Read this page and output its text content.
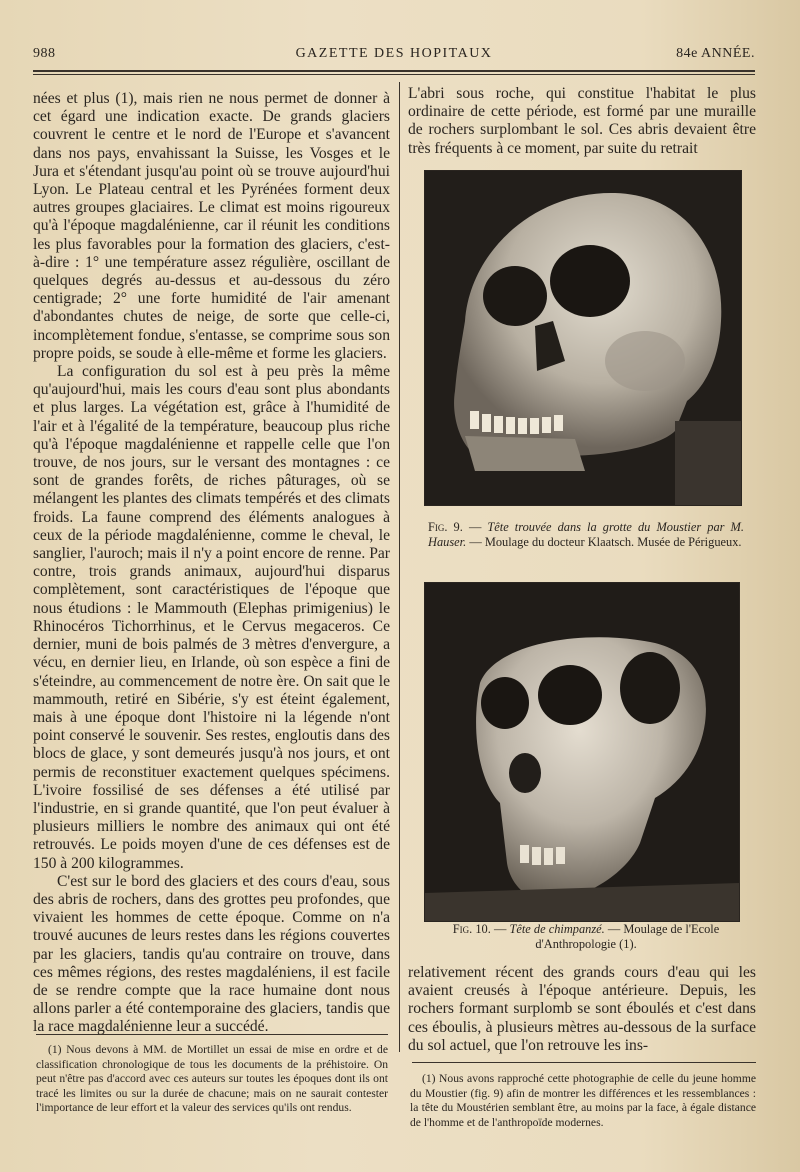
988	GAZETTE DES HOPITAUX	84e ANNÉE.

nées et plus (1), mais rien ne nous permet de donner à cet égard une indication exacte. De grands glaciers couvrent le centre et le nord de l'Europe et s'avancent dans nos pays, envahissant la Suisse, les Vosges et le Jura et s'étendant jusqu'au point où se trouve aujourd'hui Lyon. Le Plateau central et les Pyrénées forment deux autres groupes glaciaires. Le climat est moins rigoureux qu'à l'époque magdalénienne, car il réunit les conditions les plus favorables pour la formation des glaciers, c'est-à-dire : 1° une température assez régulière, oscillant de quelques degrés au-dessus et au-dessous du zéro centigrade; 2° une forte humidité de l'air amenant d'abondantes chutes de neige, de sorte que celle-ci, incomplètement fondue, s'entasse, se comprime sous son propre poids, se soude à elle-même et forme les glaciers.

La configuration du sol est à peu près la même qu'aujourd'hui, mais les cours d'eau sont plus abondants et plus larges. La végétation est, grâce à l'humidité de l'air et à l'égalité de la température, beaucoup plus riche qu'à l'époque magdalénienne et rappelle celle que l'on trouve, de nos jours, sur le versant des montagnes : ce sont de grandes forêts, de riches pâturages, où se mélangent les plantes des climats tempérés et des climats froids. La faune comprend des éléments analogues à ceux de la période magdalénienne, comme le cheval, le sanglier, l'auroch; mais il n'y a point encore de renne. Par contre, trois grands animaux, aujourd'hui disparus complètement, sont caractéristiques de l'époque que nous étudions : le Mammouth (Elephas primigenius) le Rhinocéros Tichorrhinus, et le Cervus megaceros. Ce dernier, muni de bois palmés de 3 mètres d'envergure, a vécu, en dernier lieu, en Irlande, où son espèce a fini de s'éteindre, au commencement de notre ère. On sait que le mammouth, retiré en Sibérie, s'y est éteint également, mais à une époque dont l'histoire ni la légende n'ont point conservé le souvenir. Ses restes, engloutis dans des blocs de glace, y sont demeurés jusqu'à nos jours, et ont permis de reconstituer exactement quelques spécimens. L'ivoire fossilisé de ses défenses a été utilisé par l'industrie, en si grande quantité, que l'on peut évaluer à plusieurs milliers le nombre des animaux qui ont été retrouvés. Le poids moyen d'une de ces défenses est de 150 à 200 kilogrammes.

C'est sur le bord des glaciers et des cours d'eau, sous des abris de rochers, dans des grottes peu profondes, que vivaient les hommes de cette époque. Comme on n'a trouvé aucunes de leurs restes dans les régions couvertes par les glaciers, tandis qu'au contraire on trouve, dans ces mêmes régions, des restes magdaléniens, il est facile de se rendre compte que la race humaine dont nous allons parler a été contemporaine des glaciers, tandis que la race magdalénienne leur a succédé.

(1) Nous devons à MM. de Mortillet un essai de mise en ordre et de classification chronologique de tous les documents de la préhistoire. On peut n'être pas d'accord avec ces auteurs sur toutes les époques dont ils ont tracé les limites ou sur la durée de chacune; mais on ne saurait contester l'importance de leur effort et la valeur des services qu'ils ont rendus.

L'abri sous roche, qui constitue l'habitat le plus ordinaire de cette période, est formé par une muraille de rochers surplombant le sol. Ces abris devaient être très fréquents à ce moment, par suite du retrait

Fig. 9. — Tête trouvée dans la grotte du Moustier par M. Hauser. — Moulage du docteur Klaatsch. Musée de Périgueux.
Fig. 10. — Tête de chimpanzé. — Moulage de l'Ecole d'Anthropologie (1).

relativement récent des grands cours d'eau qui les avaient creusés à l'époque antérieure. Depuis, les rochers formant surplomb se sont éboulés et c'est dans ces éboulis, à plusieurs mètres au-dessous de la surface du sol actuel, que l'on retrouve les ins-

(1) Nous avons rapproché cette photographie de celle du jeune homme du Moustier (fig. 9) afin de montrer les différences et les ressemblances : la tête du Moustérien semblant être, au moins par la face, à égale distance de l'homme et de l'anthropoïde modernes.
